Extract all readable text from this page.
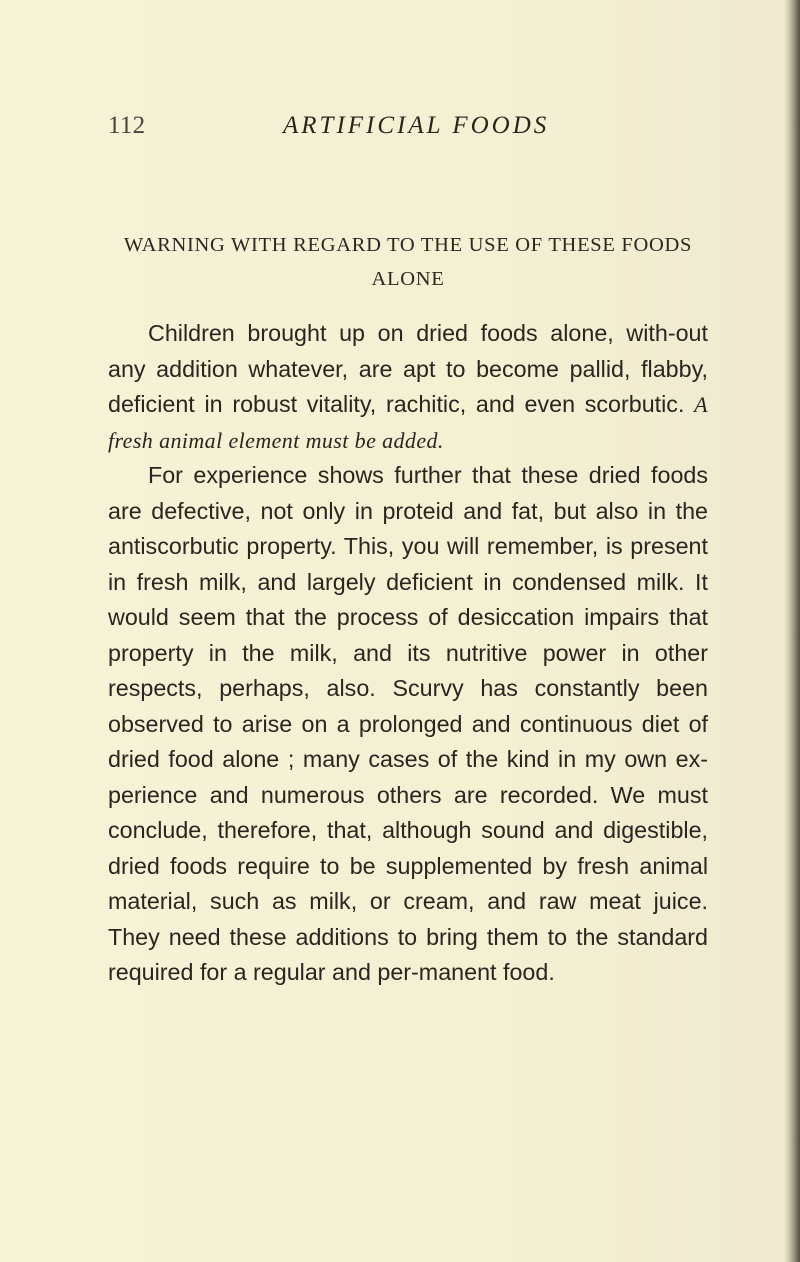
112	ARTIFICIAL FOODS
WARNING WITH REGARD TO THE USE OF THESE FOODS ALONE

Children brought up on dried foods alone, with-out any addition whatever, are apt to become pallid, flabby, deficient in robust vitality, rachitic, and even scorbutic. A fresh animal element must be added.

For experience shows further that these dried foods are defective, not only in proteid and fat, but also in the antiscorbutic property. This, you will remember, is present in fresh milk, and largely deficient in condensed milk. It would seem that the process of desiccation impairs that property in the milk, and its nutritive power in other respects, perhaps, also. Scurvy has constantly been observed to arise on a prolonged and continuous diet of dried food alone ; many cases of the kind in my own ex-perience and numerous others are recorded. We must conclude, therefore, that, although sound and digestible, dried foods require to be supplemented by fresh animal material, such as milk, or cream, and raw meat juice. They need these additions to bring them to the standard required for a regular and per-manent food.
